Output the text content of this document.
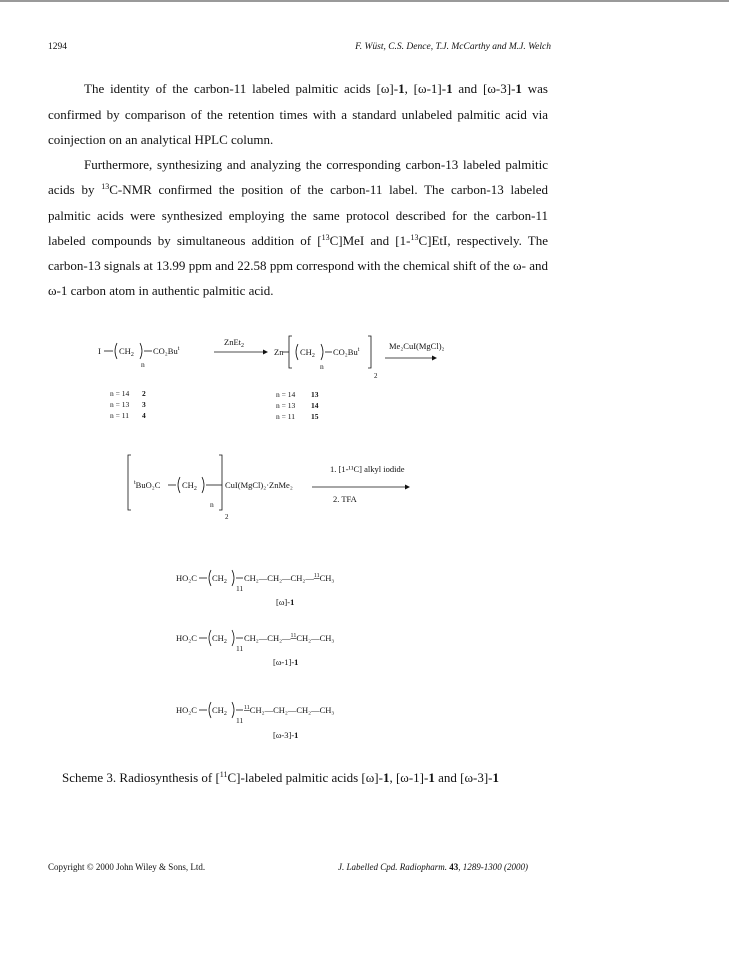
1294	F. Wüst, C.S. Dence, T.J. McCarthy and M.J. Welch

The identity of the carbon-11 labeled palmitic acids [ω]-1, [ω-1]-1 and [ω-3]-1 was confirmed by comparison of the retention times with a standard unlabeled palmitic acid via coinjection on an analytical HPLC column.

Furthermore, synthesizing and analyzing the corresponding carbon-13 labeled palmitic acids by $^{13}$C-NMR confirmed the position of the carbon-11 label. The carbon-13 labeled palmitic acids were synthesized employing the same protocol described for the carbon-11 labeled compounds by simultaneous addition of [$^{13}$C]MeI and [1-$^{13}$C]EtI, respectively. The carbon-13 signals at 13.99 ppm and 22.58 ppm correspond with the chemical shift of the ω- and ω-1 carbon atom in authentic palmitic acid.
I $CH_2$
n
CO₂Bu$^t$
ZnEt$_2$
Zn $CH_2$
n
CO₂Bu$^t$
2
Me₂CuI(MgCl)₂
n = 14 2
n = 13 3
n = 11 4
n = 14 13
n = 13 14
n = 11 15
$^t$BuO₂C	$CH_2$
n
2
CuI(MgCl)₂·ZnMe₂
1. [1-¹¹C] alkyl iodide
2. TFA
HO₂C $CH_2$
11
CH₂—CH₂—CH₂—$^{11}$CH₃
[ω]-1
HO₂C $CH_2$
11
CH₂—CH₂—$^{11}$CH₂—CH₃
[ω-1]-1
HO₂C $CH_2$
11
$^{11}$CH₂—CH₂—CH₂—CH₃
[ω-3]-1
Scheme 3. Radiosynthesis of [$^{11}$C]-labeled palmitic acids [ω]-1, [ω-1]-1 and [ω-3]-1
Copyright © 2000 John Wiley & Sons, Ltd.	J. Labelled Cpd. Radiopharm. 43, 1289-1300 (2000)
